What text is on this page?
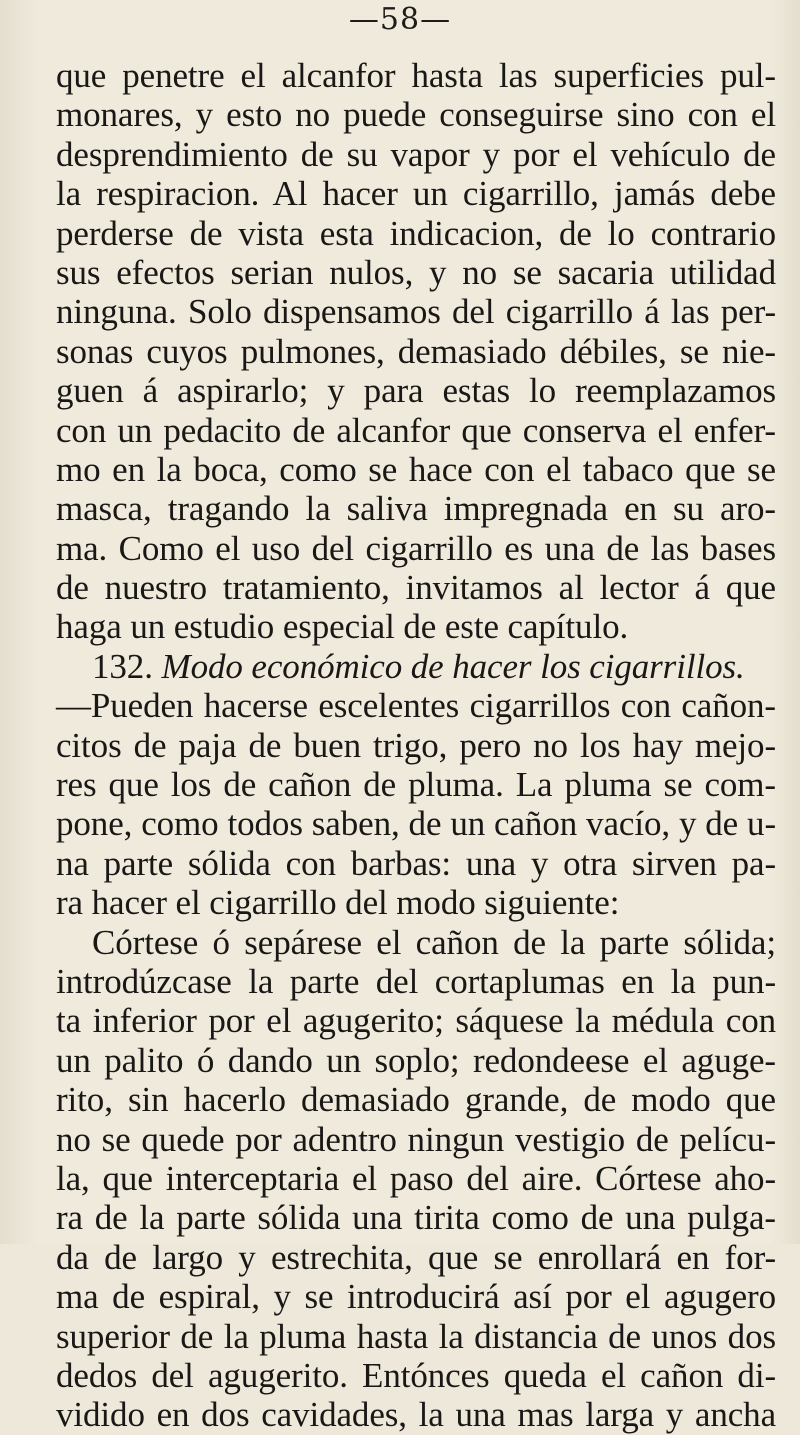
—58—
que penetre el alcanfor hasta las superficies pul-
monares, y esto no puede conseguirse sino con el
desprendimiento de su vapor y por el vehículo de
la respiracion. Al hacer un cigarrillo, jamás debe
perderse de vista esta indicacion, de lo contrario
sus efectos serian nulos, y no se sacaria utilidad
ninguna. Solo dispensamos del cigarrillo á las per-
sonas cuyos pulmones, demasiado débiles, se nie-
guen á aspirarlo; y para estas lo reemplazamos
con un pedacito de alcanfor que conserva el enfer-
mo en la boca, como se hace con el tabaco que se
masca, tragando la saliva impregnada en su aro-
ma. Como el uso del cigarrillo es una de las bases
de nuestro tratamiento, invitamos al lector á que
haga un estudio especial de este capítulo.
132. Modo económico de hacer los cigarrillos.
—Pueden hacerse escelentes cigarrillos con cañon-
citos de paja de buen trigo, pero no los hay mejo-
res que los de cañon de pluma. La pluma se com-
pone, como todos saben, de un cañon vacío, y de u-
na parte sólida con barbas: una y otra sirven pa-
ra hacer el cigarrillo del modo siguiente:
Córtese ó sepárese el cañon de la parte sólida;
introdúzcase la parte del cortaplumas en la pun-
ta inferior por el agugerito; sáquese la médula con
un palito ó dando un soplo; redondeese el aguge-
rito, sin hacerlo demasiado grande, de modo que
no se quede por adentro ningun vestigio de pelícu-
la, que interceptaria el paso del aire. Córtese aho-
ra de la parte sólida una tirita como de una pulga-
da de largo y estrechita, que se enrollará en for-
ma de espiral, y se introducirá así por el agugero
superior de la pluma hasta la distancia de unos dos
dedos del agugerito. Entónces queda el cañon di-
vidido en dos cavidades, la una mas larga y ancha
